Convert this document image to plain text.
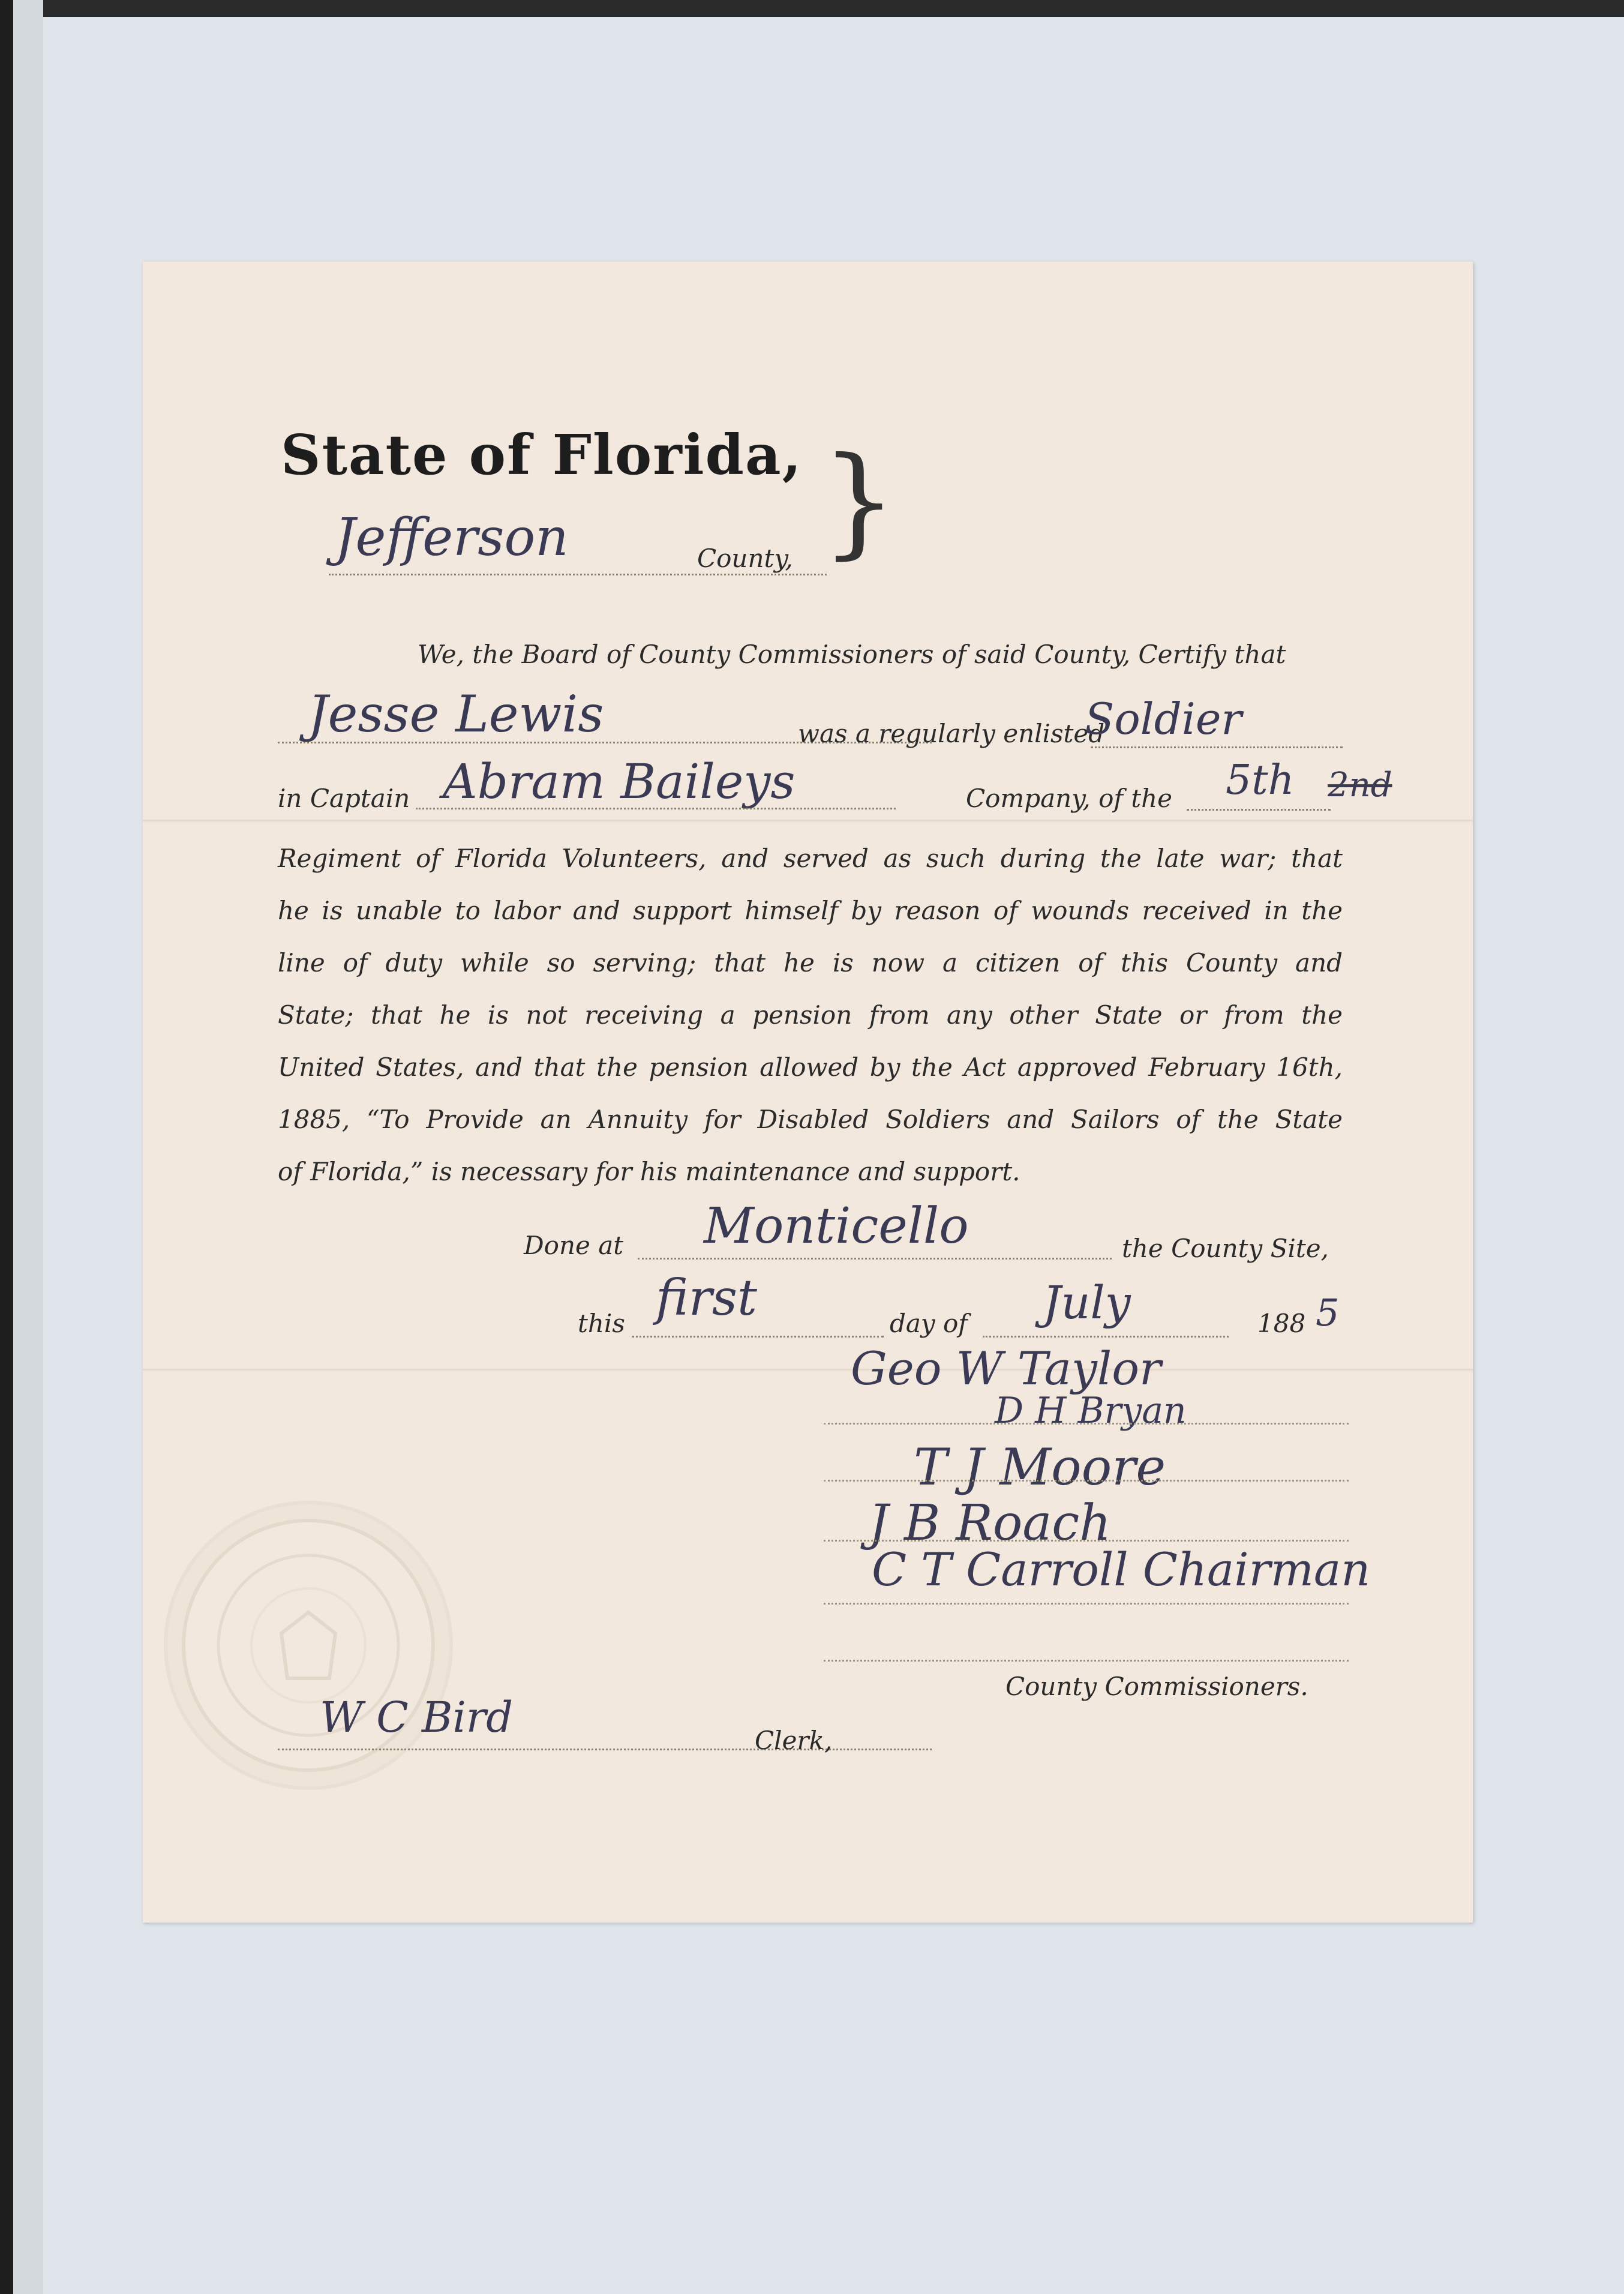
State of Florida, }
Jefferson	County,
We, the Board of County Commissioners of said County, Certify that
Jesse Lewis	was a regularly enlisted
Soldier
in Captain Abram Baileys	Company, of the 5th 2nd
Regiment of Florida Volunteers, and served as such during the late war; that
he is unable to labor and support himself by reason of wounds received in the
line of duty while so serving; that he is now a citizen of this County and
State; that he is not receiving a pension from any other State or from the
United States, and that the pension allowed by the Act approved February 16th,
1885, “To Provide an Annuity for Disabled Soldiers and Sailors of the State
of Florida,” is necessary for his maintenance and support.
Done at Monticello	the County Site,
this first	day of July	188 5
Geo W Taylor
D H Bryan
T J Moore
J B Roach
C T Carroll Chairman
County Commissioners.
W C Bird	Clerk,
